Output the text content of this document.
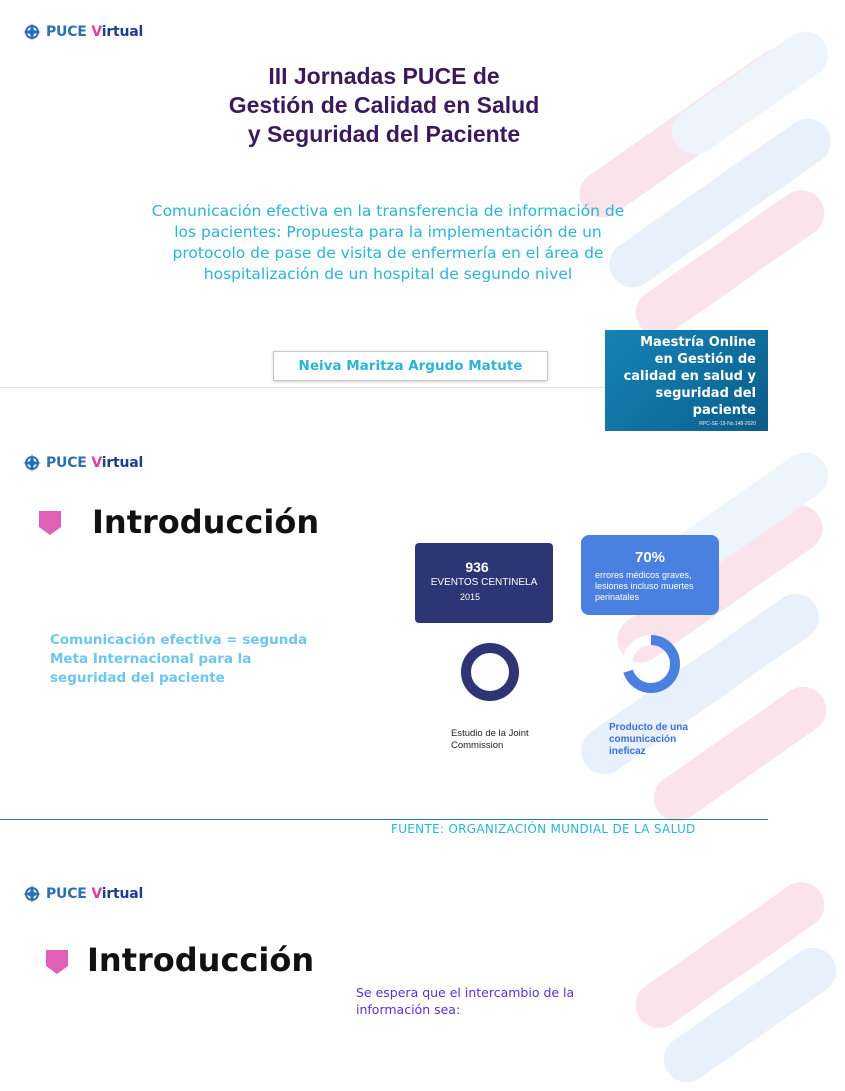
PUCE Virtual
III Jornadas PUCE de
Gestión de Calidad en Salud
y Seguridad del Paciente
Comunicación efectiva en la transferencia de información de
los pacientes: Propuesta para la implementación de un
protocolo de pase de visita de enfermería en el área de
hospitalización de un hospital de segundo nivel
Neiva Maritza Argudo Matute
Maestría Online
en Gestión de
calidad en salud y
seguridad del
paciente
RPC-SE-19-No.148-2020
PUCE Virtual
Introducción
Comunicación efectiva = segunda
Meta Internacional para la
seguridad del paciente
936
EVENTOS CENTINELA
2015
70%
errores médicos graves,
lesiones incluso muertes
perinatales
Estudio de la Joint
Commission
Producto de una
comunicación
ineficaz
FUENTE: ORGANIZACIÓN MUNDIAL DE LA SALUD
PUCE Virtual
Introducción
Se espera que el intercambio de la
información sea:
